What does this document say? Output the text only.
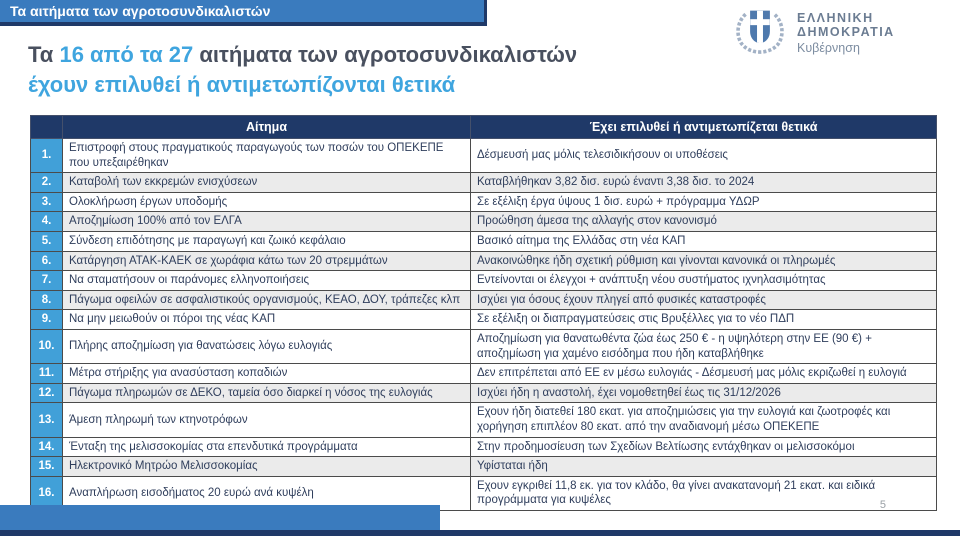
Τα αιτήματα των αγροτοσυνδικαλιστών	ΕΛΛΗΝΙΚΗ ΔΗΜΟΚΡΑΤΙΑ
Κυβέρνηση
Τα 16 από τα 27 αιτήματα των αγροτοσυνδικαλιστών
έχουν επιλυθεί ή αντιμετωπίζονται θετικά
	Αίτημα	Έχει επιλυθεί ή αντιμετωπίζεται θετικά
1.	Επιστροφή στους πραγματικούς παραγωγούς των ποσών του ΟΠΕΚΕΠΕ που υπεξαιρέθηκαν	Δέσμευσή μας μόλις τελεσιδικήσουν οι υποθέσεις
2.	Καταβολή των εκκρεμών ενισχύσεων	Καταβλήθηκαν 3,82 δισ. ευρώ έναντι 3,38 δισ. το 2024
3.	Ολοκλήρωση έργων υποδομής	Σε εξέλιξη έργα ύψους 1 δισ. ευρώ + πρόγραμμα ΥΔΩΡ
4.	Αποζημίωση 100% από τον ΕΛΓΑ	Προώθηση άμεσα της αλλαγής στον κανονισμό
5.	Σύνδεση επιδότησης με παραγωγή και ζωικό κεφάλαιο	Βασικό αίτημα της Ελλάδας στη νέα ΚΑΠ
6.	Κατάργηση ΑΤΑΚ-ΚΑΕΚ σε χωράφια κάτω των 20 στρεμμάτων	Ανακοινώθηκε ήδη σχετική ρύθμιση και γίνονται κανονικά οι πληρωμές
7.	Να σταματήσουν οι παράνομες ελληνοποιήσεις	Εντείνονται οι έλεγχοι + ανάπτυξη νέου συστήματος ιχνηλασιμότητας
8.	Πάγωμα οφειλών σε ασφαλιστικούς οργανισμούς, ΚΕΑΟ, ΔΟΥ, τράπεζες κλπ	Ισχύει για όσους έχουν πληγεί από φυσικές καταστροφές
9.	Να μην μειωθούν οι πόροι της νέας ΚΑΠ	Σε εξέλιξη οι διαπραγματεύσεις στις Βρυξέλλες για το νέο ΠΔΠ
10.	Πλήρης αποζημίωση για θανατώσεις λόγω ευλογιάς	Αποζημίωση για θανατωθέντα ζώα έως 250 € - η υψηλότερη στην ΕΕ (90 €) + αποζημίωση για χαμένο εισόδημα που ήδη καταβλήθηκε
11.	Μέτρα στήριξης για ανασύσταση κοπαδιών	Δεν επιτρέπεται από ΕΕ εν μέσω ευλογιάς - Δέσμευσή μας μόλις εκριζωθεί η ευλογιά
12.	Πάγωμα πληρωμών σε ΔΕΚΟ, ταμεία όσο διαρκεί η νόσος της ευλογιάς	Ισχύει ήδη η αναστολή, έχει νομοθετηθεί έως τις 31/12/2026
13.	Άμεση πληρωμή των κτηνοτρόφων	Εχουν ήδη διατεθεί 180 εκατ. για αποζημιώσεις για την ευλογιά και ζωοτροφές και χορήγηση επιπλέον 80 εκατ. από την αναδιανομή μέσω ΟΠΕΚΕΠΕ
14.	Ένταξη της μελισσοκομίας στα επενδυτικά προγράμματα	Στην προδημοσίευση των Σχεδίων Βελτίωσης εντάχθηκαν οι μελισσοκόμοι
15.	Ηλεκτρονικό Μητρώο Μελισσοκομίας	Υφίσταται ήδη
16.	Αναπλήρωση εισοδήματος 20 ευρώ ανά κυψέλη	Εχουν εγκριθεί 11,8 εκ. για τον κλάδο, θα γίνει ανακατανομή 21 εκατ. και ειδικά προγράμματα για κυψέλες	5
